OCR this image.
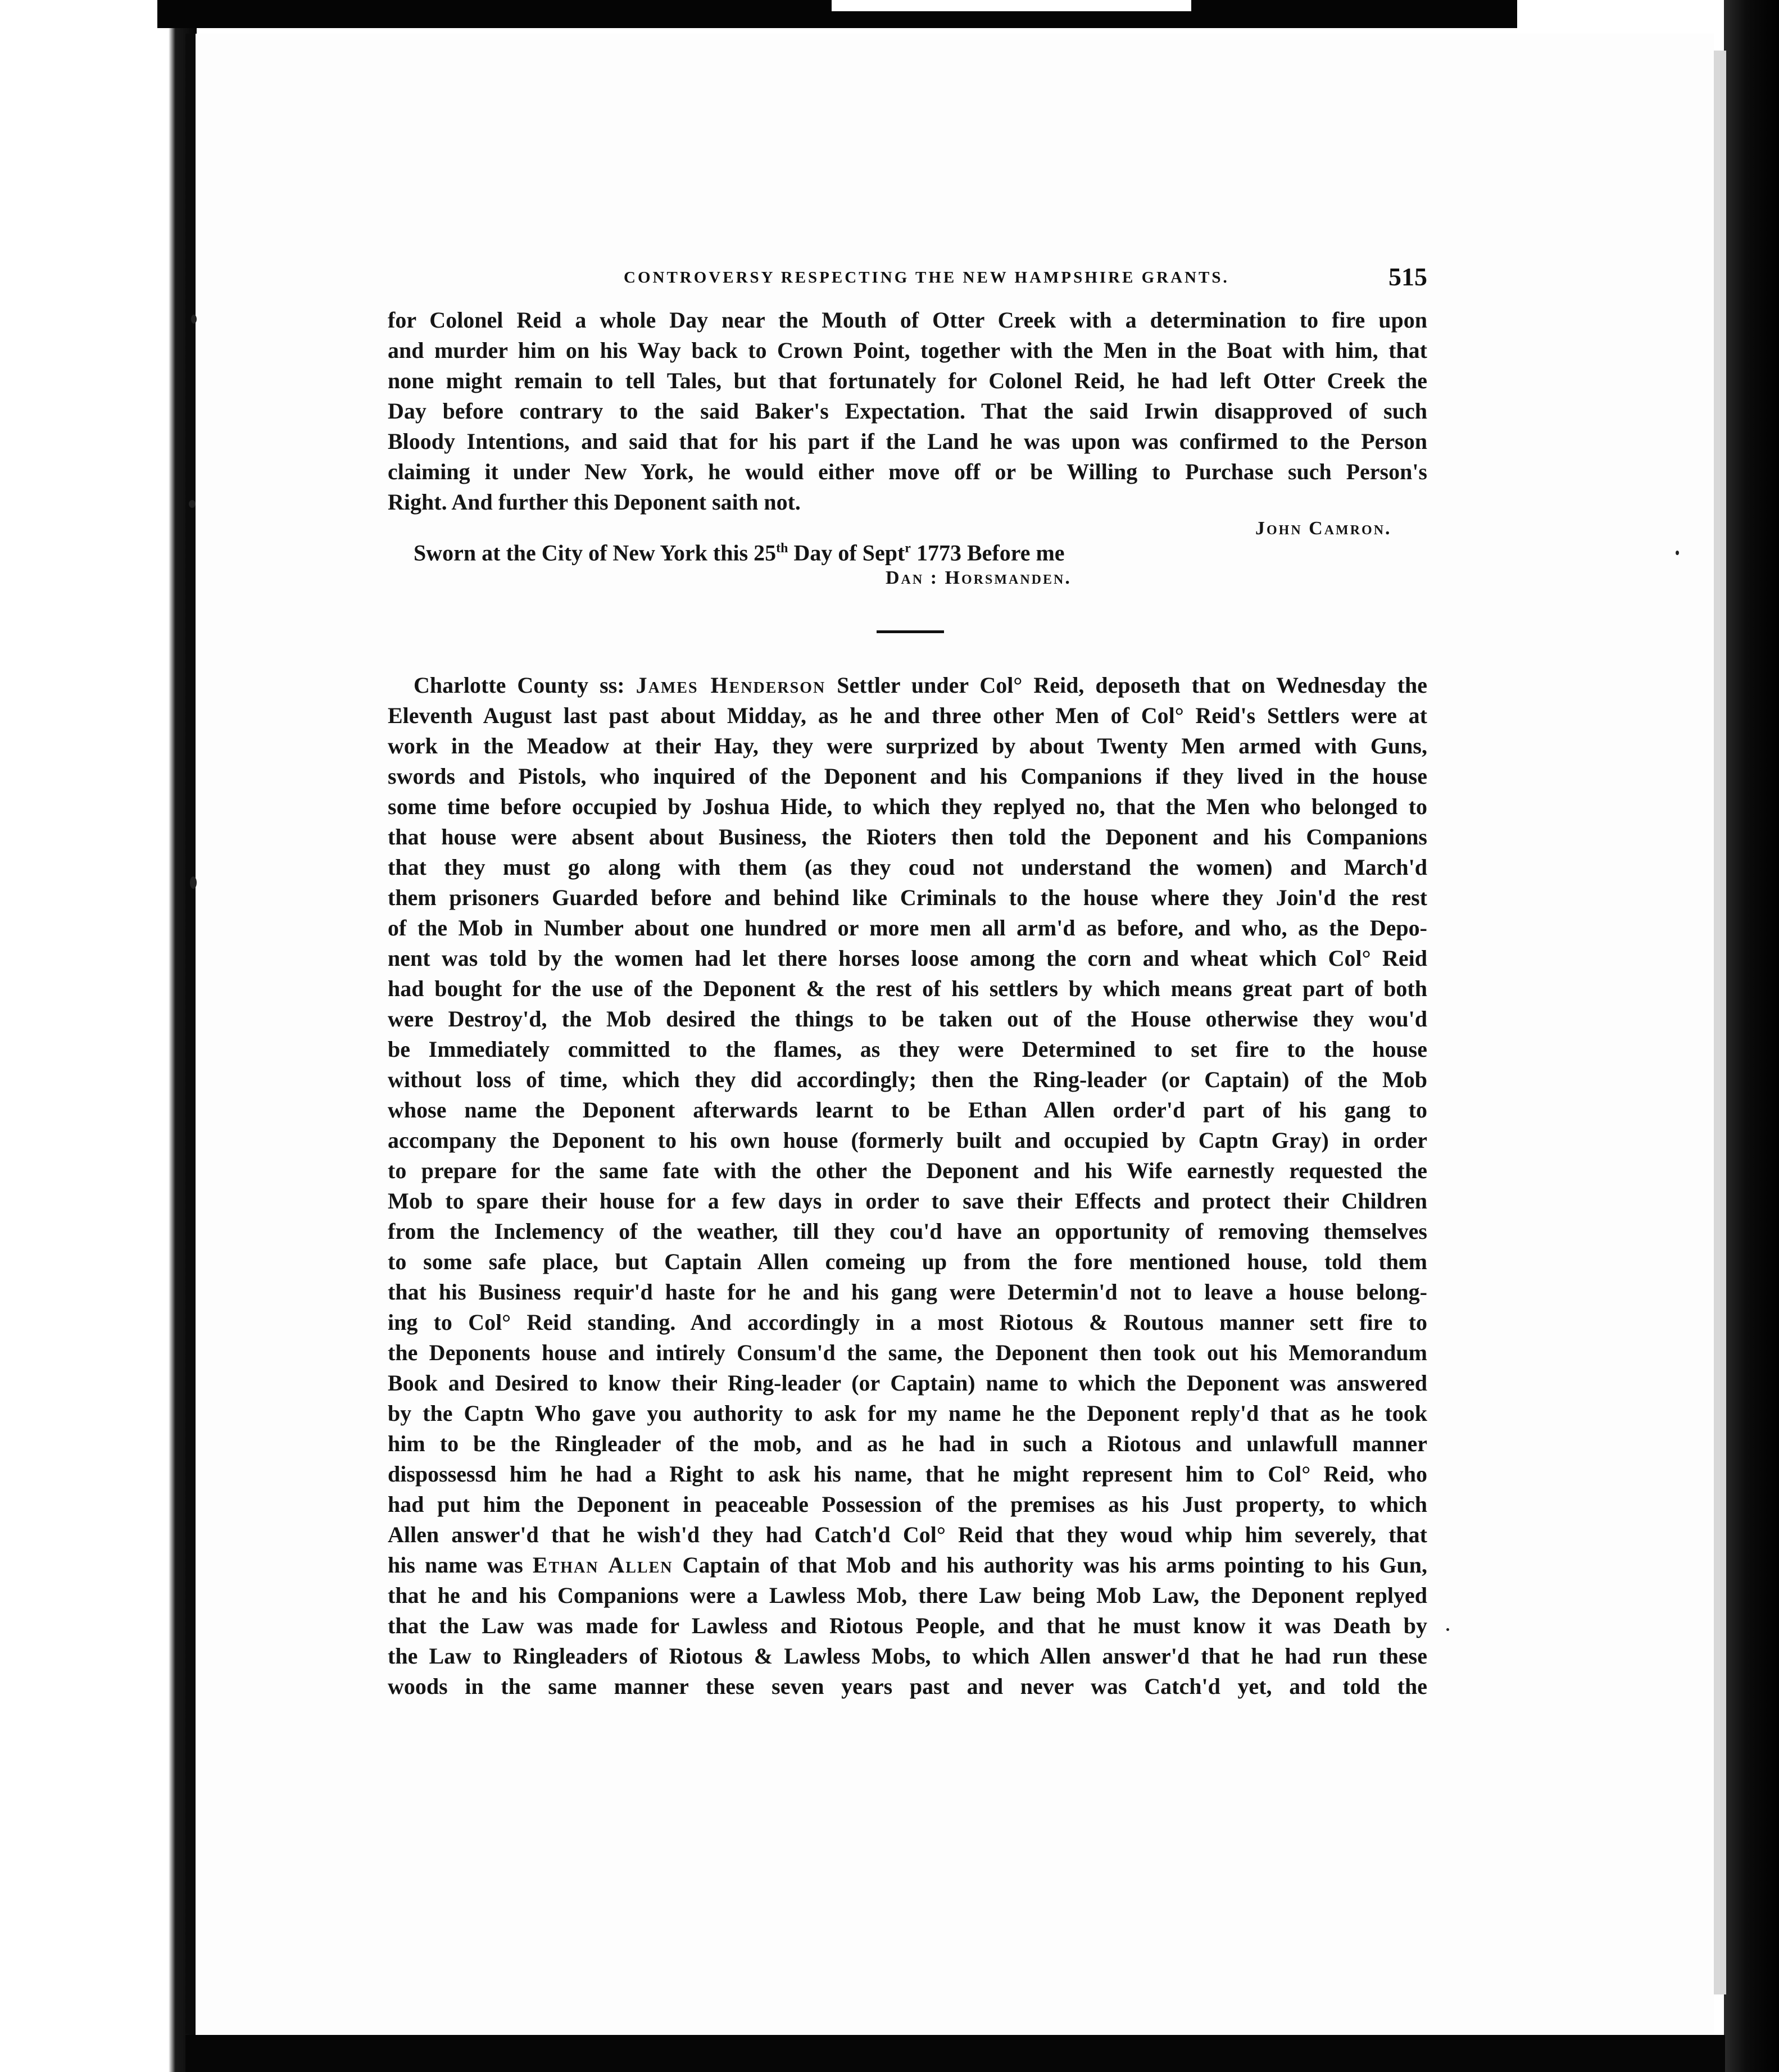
CONTROVERSY RESPECTING THE NEW HAMPSHIRE GRANTS.	515
for Colonel Reid a whole Day near the Mouth of Otter Creek with a determination to fire upon
and murder him on his Way back to Crown Point, together with the Men in the Boat with him, that
none might remain to tell Tales, but that fortunately for Colonel Reid, he had left Otter Creek the
Day before contrary to the said Baker's Expectation. That the said Irwin disapproved of such
Bloody Intentions, and said that for his part if the Land he was upon was confirmed to the Person
claiming it under New York, he would either move off or be Willing to Purchase such Person's
Right. And further this Deponent saith not.
John Camron.
Sworn at the City of New York this 25th Day of Sept$^r$ 1773 Before me
Dan : Horsmanden.
Charlotte County ss: James Henderson Settler under Col° Reid, deposeth that on Wednesday the
Eleventh August last past about Midday, as he and three other Men of Col° Reid's Settlers were at
work in the Meadow at their Hay, they were surprized by about Twenty Men armed with Guns,
swords and Pistols, who inquired of the Deponent and his Companions if they lived in the house
some time before occupied by Joshua Hide, to which they replyed no, that the Men who belonged to
that house were absent about Business, the Rioters then told the Deponent and his Companions
that they must go along with them (as they coud not understand the women) and March'd
them prisoners Guarded before and behind like Criminals to the house where they Join'd the rest
of the Mob in Number about one hundred or more men all arm'd as before, and who, as the Depo-
nent was told by the women had let there horses loose among the corn and wheat which Col° Reid
had bought for the use of the Deponent & the rest of his settlers by which means great part of both
were Destroy'd, the Mob desired the things to be taken out of the House otherwise they wou'd
be Immediately committed to the flames, as they were Determined to set fire to the house
without loss of time, which they did accordingly; then the Ring-leader (or Captain) of the Mob
whose name the Deponent afterwards learnt to be Ethan Allen order'd part of his gang to
accompany the Deponent to his own house (formerly built and occupied by Captn Gray) in order
to prepare for the same fate with the other the Deponent and his Wife earnestly requested the
Mob to spare their house for a few days in order to save their Effects and protect their Children
from the Inclemency of the weather, till they cou'd have an opportunity of removing themselves
to some safe place, but Captain Allen comeing up from the fore mentioned house, told them
that his Business requir'd haste for he and his gang were Determin'd not to leave a house belong-
ing to Col° Reid standing. And accordingly in a most Riotous & Routous manner sett fire to
the Deponents house and intirely Consum'd the same, the Deponent then took out his Memorandum
Book and Desired to know their Ring-leader (or Captain) name to which the Deponent was answered
by the Captn Who gave you authority to ask for my name he the Deponent reply'd that as he took
him to be the Ringleader of the mob, and as he had in such a Riotous and unlawfull manner
dispossessd him he had a Right to ask his name, that he might represent him to Col° Reid, who
had put him the Deponent in peaceable Possession of the premises as his Just property, to which
Allen answer'd that he wish'd they had Catch'd Col° Reid that they woud whip him severely, that
his name was Ethan Allen Captain of that Mob and his authority was his arms pointing to his Gun,
that he and his Companions were a Lawless Mob, there Law being Mob Law, the Deponent replyed
that the Law was made for Lawless and Riotous People, and that he must know it was Death by
the Law to Ringleaders of Riotous & Lawless Mobs, to which Allen answer'd that he had run these
woods in the same manner these seven years past and never was Catch'd yet, and told the
